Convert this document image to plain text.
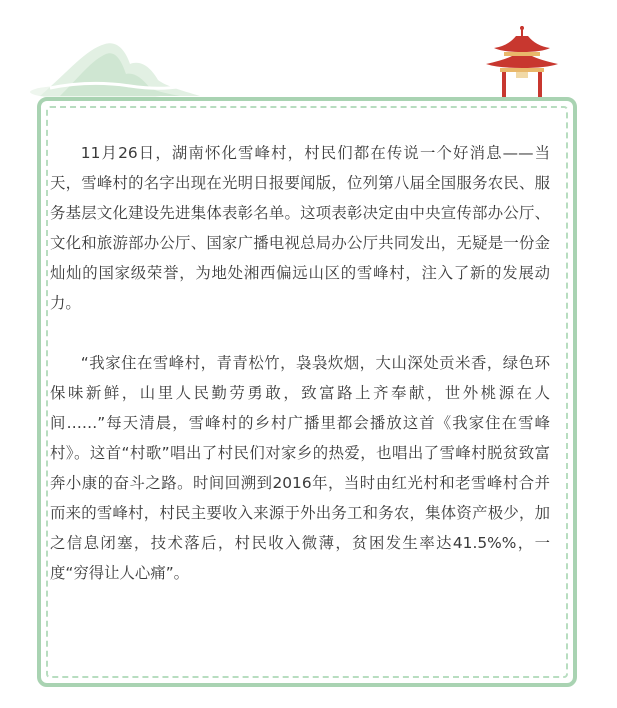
11月26日，湖南怀化雪峰村，村民们都在传说一个好消息——当天，雪峰村的名字出现在光明日报要闻版，位列第八届全国服务农民、服务基层文化建设先进集体表彰名单。这项表彰决定由中央宣传部办公厅、文化和旅游部办公厅、国家广播电视总局办公厅共同发出，无疑是一份金灿灿的国家级荣誉，为地处湘西偏远山区的雪峰村，注入了新的发展动力。

“我家住在雪峰村，青青松竹，袅袅炊烟，大山深处贡米香，绿色环保味新鲜，山里人民勤劳勇敢，致富路上齐奉献，世外桃源在人间……”每天清晨，雪峰村的乡村广播里都会播放这首《我家住在雪峰村》。这首“村歌”唱出了村民们对家乡的热爱，也唱出了雪峰村脱贫致富奔小康的奋斗之路。时间回溯到2016年，当时由红光村和老雪峰村合并而来的雪峰村，村民主要收入来源于外出务工和务农，集体资产极少，加之信息闭塞，技术落后，村民收入微薄，贫困发生率达41.5%%，一度“穷得让人心痛”。
